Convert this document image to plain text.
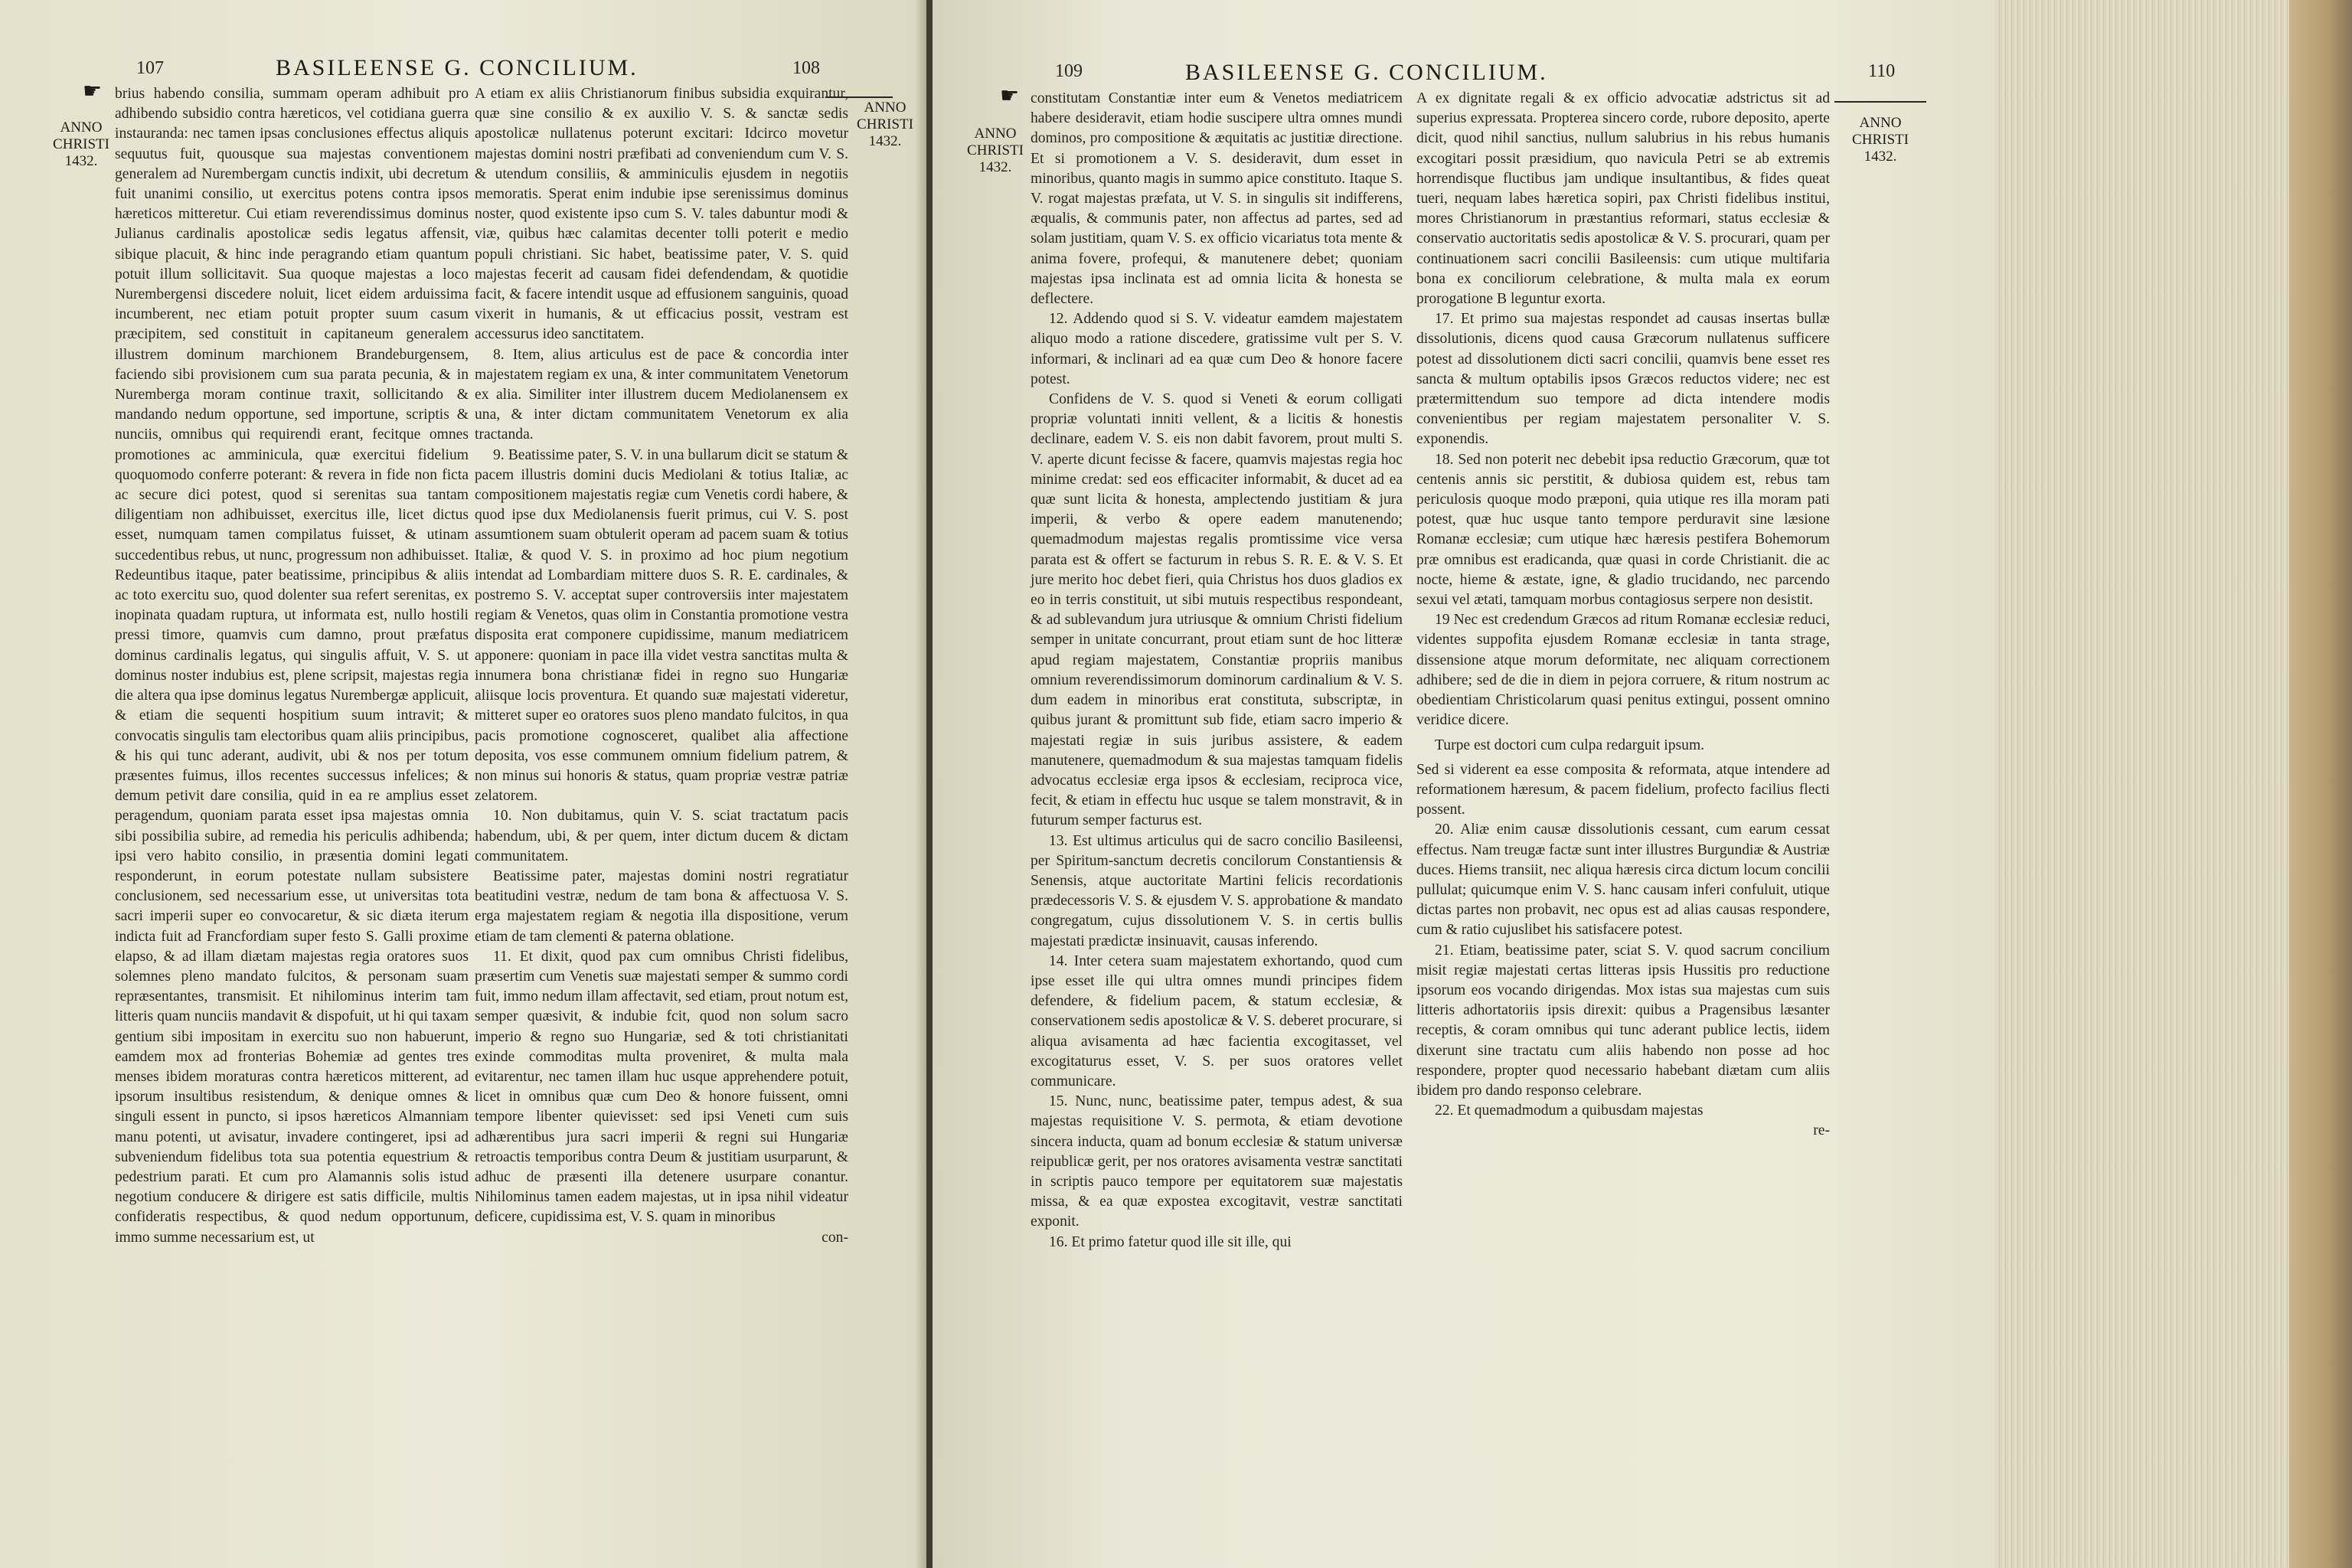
107	BASILEENSE G. CONCILIUM.	108
☛
ANNO
CHRISTI
1432.

brius habendo consilia, summam operam adhibuit pro adhibendo subsidio contra hæreticos, vel cotidiana guerra instauranda: nec tamen ipsas conclusiones effectus aliquis sequutus fuit, quousque sua majestas conventionem generalem ad Nurembergam cunctis indixit, ubi decretum fuit unanimi consilio, ut exercitus potens contra ipsos hæreticos mitteretur. Cui etiam reverendissimus dominus Julianus cardinalis apostolicæ sedis legatus affensit, sibique placuit, & hinc inde peragrando etiam quantum potuit illum sollicitavit. Sua quoque majestas a loco Nurembergensi discedere noluit, licet eidem arduissima incumberent, nec etiam potuit propter suum casum præcipitem, sed constituit in capitaneum generalem illustrem dominum marchionem Brandeburgensem, faciendo sibi provisionem cum sua parata pecunia, & in Nuremberga moram continue traxit, sollicitando & mandando nedum opportune, sed importune, scriptis & nunciis, omnibus qui requirendi erant, fecitque omnes promotiones ac amminicula, quæ exercitui fidelium quoquomodo conferre poterant: & revera in fide non ficta ac secure dici potest, quod si serenitas sua tantam diligentiam non adhibuisset, exercitus ille, licet dictus esset, numquam tamen compilatus fuisset, & utinam succedentibus rebus, ut nunc, progressum non adhibuisset. Redeuntibus itaque, pater beatissime, principibus & aliis ac toto exercitu suo, quod dolenter sua refert serenitas, ex inopinata quadam ruptura, ut informata est, nullo hostili pressi timore, quamvis cum damno, prout præfatus dominus cardinalis legatus, qui singulis affuit, V. S. ut dominus noster indubius est, plene scripsit, majestas regia die altera qua ipse dominus legatus Nurembergæ applicuit, & etiam die sequenti hospitium suum intravit; & convocatis singulis tam electoribus quam aliis principibus, & his qui tunc aderant, audivit, ubi & nos per totum præsentes fuimus, illos recentes successus infelices; & demum petivit dare consilia, quid in ea re amplius esset peragendum, quoniam parata esset ipsa majestas omnia sibi possibilia subire, ad remedia his periculis adhibenda; ipsi vero habito consilio, in præsentia domini legati responderunt, in eorum potestate nullam subsistere conclusionem, sed necessarium esse, ut universitas tota sacri imperii super eo convocaretur, & sic diæta iterum indicta fuit ad Francfordiam super festo S. Galli proxime elapso, & ad illam diætam majestas regia oratores suos solemnes pleno mandato fulcitos, & personam suam repræsentantes, transmisit. Et nihilominus interim tam litteris quam nunciis mandavit & dispofuit, ut hi qui taxam gentium sibi impositam in exercitu suo non habuerunt, eamdem mox ad fronterias Bohemiæ ad gentes tres menses ibidem moraturas contra hæreticos mitterent, ad ipsorum insultibus resistendum, & denique omnes & singuli essent in puncto, si ipsos hæreticos Almanniam manu potenti, ut avisatur, invadere contingeret, ipsi ad subveniendum fidelibus tota sua potentia equestrium & pedestrium parati. Et cum pro Alamannis solis istud negotium conducere & dirigere est satis difficile, multis confideratis respectibus, & quod nedum opportunum, immo summe necessarium est, ut

A etiam ex aliis Christianorum finibus subsidia exquirantur, quæ sine consilio & ex auxilio V. S. & sanctæ sedis apostolicæ nullatenus poterunt excitari: Idcirco movetur majestas domini nostri præfibati ad conveniendum cum V. S. & utendum consiliis, & amminiculis ejusdem in negotiis memoratis. Sperat enim indubie ipse serenissimus dominus noster, quod existente ipso cum S. V. tales dabuntur modi & viæ, quibus hæc calamitas decenter tolli poterit e medio populi christiani. Sic habet, beatissime pater, V. S. quid majestas fecerit ad causam fidei defendendam, & quotidie facit, & facere intendit usque ad effusionem sanguinis, quoad vixerit in humanis, & ut efficacius possit, vestram est accessurus ideo sanctitatem.

8. Item, alius articulus est de pace & concordia inter majestatem regiam ex una, & inter communitatem Venetorum ex alia. Similiter inter illustrem ducem Mediolanensem ex una, & inter dictam communitatem Venetorum ex alia tractanda.

9. Beatissime pater, S. V. in una bullarum dicit se statum & pacem illustris domini ducis Mediolani & totius Italiæ, ac compositionem majestatis regiæ cum Venetis cordi habere, & quod ipse dux Mediolanensis fuerit primus, cui V. S. post assumtionem suam obtulerit operam ad pacem suam & totius Italiæ, & quod V. S. in proximo ad hoc pium negotium intendat ad Lombardiam mittere duos S. R. E. cardinales, & postremo S. V. acceptat super controversiis inter majestatem regiam & Venetos, quas olim in Constantia promotione vestra disposita erat componere cupidissime, manum mediatricem apponere: quoniam in pace illa videt vestra sanctitas multa & innumera bona christianæ fidei in regno suo Hungariæ aliisque locis proventura. Et quando suæ majestati videretur, mitteret super eo oratores suos pleno mandato fulcitos, in qua pacis promotione cognosceret, qualibet alia affectione deposita, vos esse communem omnium fidelium patrem, & non minus sui honoris & status, quam propriæ vestræ patriæ zelatorem.

10. Non dubitamus, quin V. S. sciat tractatum pacis habendum, ubi, & per quem, inter dictum ducem & dictam communitatem.

Beatissime pater, majestas domini nostri regratiatur beatitudini vestræ, nedum de tam bona & affectuosa V. S. erga majestatem regiam & negotia illa dispositione, verum etiam de tam clementi & paterna oblatione.

11. Et dixit, quod pax cum omnibus Christi fidelibus, præsertim cum Venetis suæ majestati semper & summo cordi fuit, immo nedum illam affectavit, sed etiam, prout notum est, semper quæsivit, & indubie fcit, quod non solum sacro imperio & regno suo Hungariæ, sed & toti christianitati exinde commoditas multa proveniret, & multa mala evitarentur, nec tamen illam huc usque apprehendere potuit, licet in omnibus quæ cum Deo & honore fuissent, omni tempore libenter quievisset: sed ipsi Veneti cum suis adhærentibus jura sacri imperii & regni sui Hungariæ retroactis temporibus contra Deum & justitiam usurparunt, & adhuc de præsenti illa detenere usurpare conantur. Nihilominus tamen eadem majestas, ut in ipsa nihil videatur deficere, cupidissima est, V. S. quam in minoribus

con-

ANNO
CHRISTI
1432.
109	BASILEENSE G. CONCILIUM.	110
☛
ANNO
CHRISTI
1432.

constitutam Constantiæ inter eum & Venetos mediatricem habere desideravit, etiam hodie suscipere ultra omnes mundi dominos, pro compositione & æquitatis ac justitiæ directione. Et si promotionem a V. S. desideravit, dum esset in minoribus, quanto magis in summo apice constituto. Itaque S. V. rogat majestas præfata, ut V. S. in singulis sit indifferens, æqualis, & communis pater, non affectus ad partes, sed ad solam justitiam, quam V. S. ex officio vicariatus tota mente & anima fovere, profequi, & manutenere debet; quoniam majestas ipsa inclinata est ad omnia licita & honesta se deflectere.

12. Addendo quod si S. V. videatur eamdem majestatem aliquo modo a ratione discedere, gratissime vult per S. V. informari, & inclinari ad ea quæ cum Deo & honore facere potest.

Confidens de V. S. quod si Veneti & eorum colligati propriæ voluntati inniti vellent, & a licitis & honestis declinare, eadem V. S. eis non dabit favorem, prout multi S. V. aperte dicunt fecisse & facere, quamvis majestas regia hoc minime credat: sed eos efficaciter informabit, & ducet ad ea quæ sunt licita & honesta, amplectendo justitiam & jura imperii, & verbo & opere eadem manutenendo; quemadmodum majestas regalis promtissime vice versa parata est & offert se facturum in rebus S. R. E. & V. S. Et jure merito hoc debet fieri, quia Christus hos duos gladios ex eo in terris constituit, ut sibi mutuis respectibus respondeant, & ad sublevandum jura utriusque & omnium Christi fidelium semper in unitate concurrant, prout etiam sunt de hoc litteræ apud regiam majestatem, Constantiæ propriis manibus omnium reverendissimorum dominorum cardinalium & V. S. dum eadem in minoribus erat constituta, subscriptæ, in quibus jurant & promittunt sub fide, etiam sacro imperio & majestati regiæ in suis juribus assistere, & eadem manutenere, quemadmodum & sua majestas tamquam fidelis advocatus ecclesiæ erga ipsos & ecclesiam, reciproca vice, fecit, & etiam in effectu huc usque se talem monstravit, & in futurum semper facturus est.

13. Est ultimus articulus qui de sacro concilio Basileensi, per Spiritum-sanctum decretis concilorum Constantiensis & Senensis, atque auctoritate Martini felicis recordationis prædecessoris V. S. & ejusdem V. S. approbatione & mandato congregatum, cujus dissolutionem V. S. in certis bullis majestati prædictæ insinuavit, causas inferendo.

14. Inter cetera suam majestatem exhortando, quod cum ipse esset ille qui ultra omnes mundi principes fidem defendere, & fidelium pacem, & statum ecclesiæ, & conservationem sedis apostolicæ & V. S. deberet procurare, si aliqua avisamenta ad hæc facientia excogitasset, vel excogitaturus esset, V. S. per suos oratores vellet communicare.

15. Nunc, nunc, beatissime pater, tempus adest, & sua majestas requisitione V. S. permota, & etiam devotione sincera inducta, quam ad bonum ecclesiæ & statum universæ reipublicæ gerit, per nos oratores avisamenta vestræ sanctitati in scriptis pauco tempore per equitatorem suæ majestatis missa, & ea quæ expostea excogitavit, vestræ sanctitati exponit.

16. Et primo fatetur quod ille sit ille, qui

A ex dignitate regali & ex officio advocatiæ adstrictus sit ad superius expressata. Propterea sincero corde, rubore deposito, aperte dicit, quod nihil sanctius, nullum salubrius in his rebus humanis excogitari possit præsidium, quo navicula Petri se ab extremis horrendisque fluctibus jam undique insultantibus, & fides queat tueri, nequam labes hæretica sopiri, pax Christi fidelibus institui, mores Christianorum in præstantius reformari, status ecclesiæ & conservatio auctoritatis sedis apostolicæ & V. S. procurari, quam per continuationem sacri concilii Basileensis: cum utique multifaria bona ex conciliorum celebratione, & multa mala ex eorum prorogatione B leguntur exorta.

17. Et primo sua majestas respondet ad causas insertas bullæ dissolutionis, dicens quod causa Græcorum nullatenus sufficere potest ad dissolutionem dicti sacri concilii, quamvis bene esset res sancta & multum optabilis ipsos Græcos reductos videre; nec est prætermittendum suo tempore ad dicta intendere modis convenientibus per regiam majestatem personaliter V. S. exponendis.

18. Sed non poterit nec debebit ipsa reductio Græcorum, quæ tot centenis annis sic perstitit, & dubiosa quidem est, rebus tam periculosis quoque modo præponi, quia utique res illa moram pati potest, quæ huc usque tanto tempore perduravit sine læsione Romanæ ecclesiæ; cum utique hæc hæresis pestifera Bohemorum præ omnibus est eradicanda, quæ quasi in corde Christianit. die ac nocte, hieme & æstate, igne, & gladio trucidando, nec parcendo sexui vel ætati, tamquam morbus contagiosus serpere non desistit.

19 Nec est credendum Græcos ad ritum Romanæ ecclesiæ reduci, videntes suppofita ejusdem Romanæ ecclesiæ in tanta strage, dissensione atque morum deformitate, nec aliquam correctionem adhibere; sed de die in diem in pejora corruere, & ritum nostrum ac obedientiam Christicolarum quasi penitus extingui, possent omnino veridice dicere.

Turpe est doctori cum culpa redarguit ipsum.

Sed si viderent ea esse composita & reformata, atque intendere ad reformationem hæresum, & pacem fidelium, profecto facilius flecti possent.

20. Aliæ enim causæ dissolutionis cessant, cum earum cessat effectus. Nam treugæ factæ sunt inter illustres Burgundiæ & Austriæ duces. Hiems transiit, nec aliqua hæresis circa dictum locum concilii pullulat; quicumque enim V. S. hanc causam inferi confuluit, utique dictas partes non probavit, nec opus est ad alias causas respondere, cum & ratio cujuslibet his satisfacere potest.

21. Etiam, beatissime pater, sciat S. V. quod sacrum concilium misit regiæ majestati certas litteras ipsis Hussitis pro reductione ipsorum eos vocando dirigendas. Mox istas sua majestas cum suis litteris adhortatoriis ipsis direxit: quibus a Pragensibus læsanter receptis, & coram omnibus qui tunc aderant publice lectis, iidem dixerunt sine tractatu cum aliis habendo non posse ad hoc respondere, propter quod necessario habebant diætam cum aliis ibidem pro dando responso celebrare.

22. Et quemadmodum a quibusdam majestas

re-

ANNO
CHRISTI
1432.
